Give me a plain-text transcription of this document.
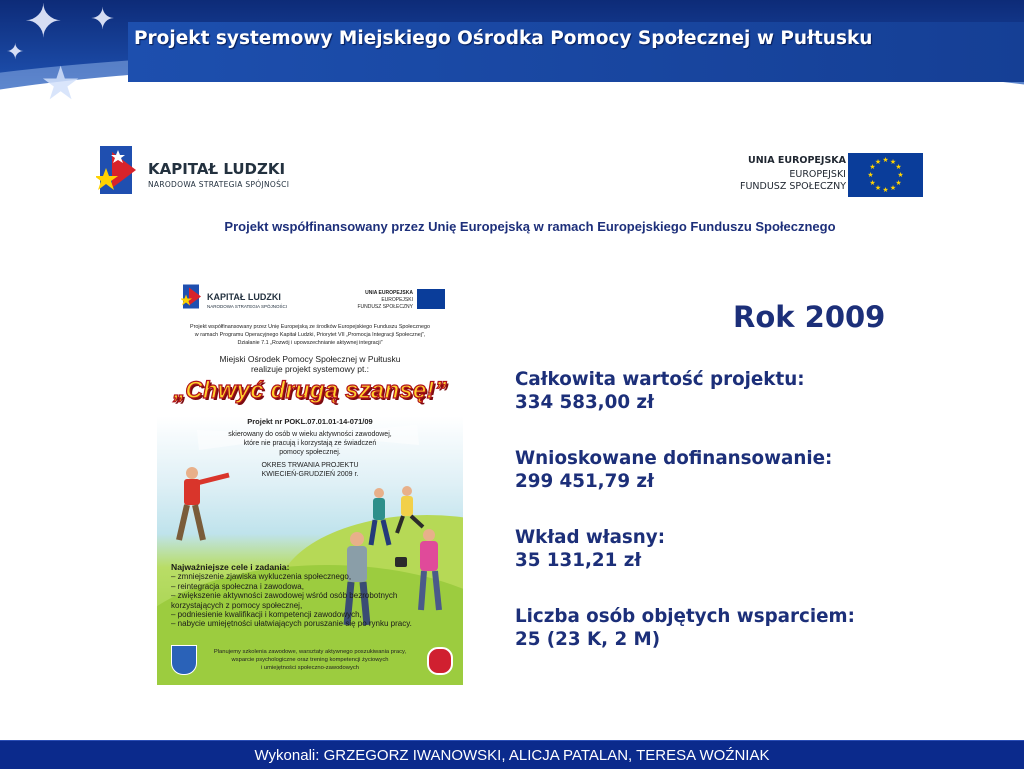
✦ ✦
★
✦
Projekt systemowy Miejskiego Ośrodka Pomocy Społecznej w Pułtusku
KAPITAŁ LUDZKI
NARODOWA STRATEGIA SPÓJNOŚCI
UNIA EUROPEJSKA
EUROPEJSKI
FUNDUSZ SPOŁECZNY
★ ★
★
★
★
★
★
★
★
★
★
★
Projekt współfinansowany przez Unię Europejską w ramach Europejskiego Funduszu Społecznego
KAPITAŁ LUDZKI
NARODOWA STRATEGIA SPÓJNOŚCI
UNIA EUROPEJSKA
EUROPEJSKI
FUNDUSZ SPOŁECZNY
Projekt współfinansowany przez Unię Europejską ze środków Europejskiego Funduszu Społecznego
w ramach Programu Operacyjnego Kapitał Ludzki, Priorytet VII „Promocja Integracji Społecznej”,
Działanie 7.1 „Rozwój i upowszechnianie aktywnej integracji”
Miejski Ośrodek Pomocy Społecznej w Pułtusku
realizuje projekt systemowy pt.:
„Chwyć drugą szansę!”
Projekt nr POKL.07.01.01-14-071/09
skierowany do osób w wieku aktywności zawodowej,
które nie pracują i korzystają ze świadczeń
pomocy społecznej.
OKRES TRWANIA PROJEKTU
KWIECIEŃ-GRUDZIEŃ 2009 r.
Najważniejsze cele i zadania:
– zmniejszenie zjawiska wykluczenia społecznego,
– reintegracja społeczna i zawodowa,
– zwiększenie aktywności zawodowej wśród osób bezrobotnych
korzystających z pomocy społecznej,
– podniesienie kwalifikacji i kompetencji zawodowych,
– nabycie umiejętności ułatwiających poruszanie się po rynku pracy.
Planujemy szkolenia zawodowe, warsztaty aktywnego poszukiwania pracy,
wsparcie psychologiczne oraz trening kompetencji życiowych
i umiejętności społeczno-zawodowych
Rok 2009
Całkowita wartość projektu:
334 583,00 zł
Wnioskowane dofinansowanie:
299 451,79 zł
Wkład własny:
35 131,21 zł
Liczba osób objętych wsparciem:
25 (23 K, 2 M)
Wykonali: GRZEGORZ IWANOWSKI, ALICJA PATALAN, TERESA WOŹNIAK
